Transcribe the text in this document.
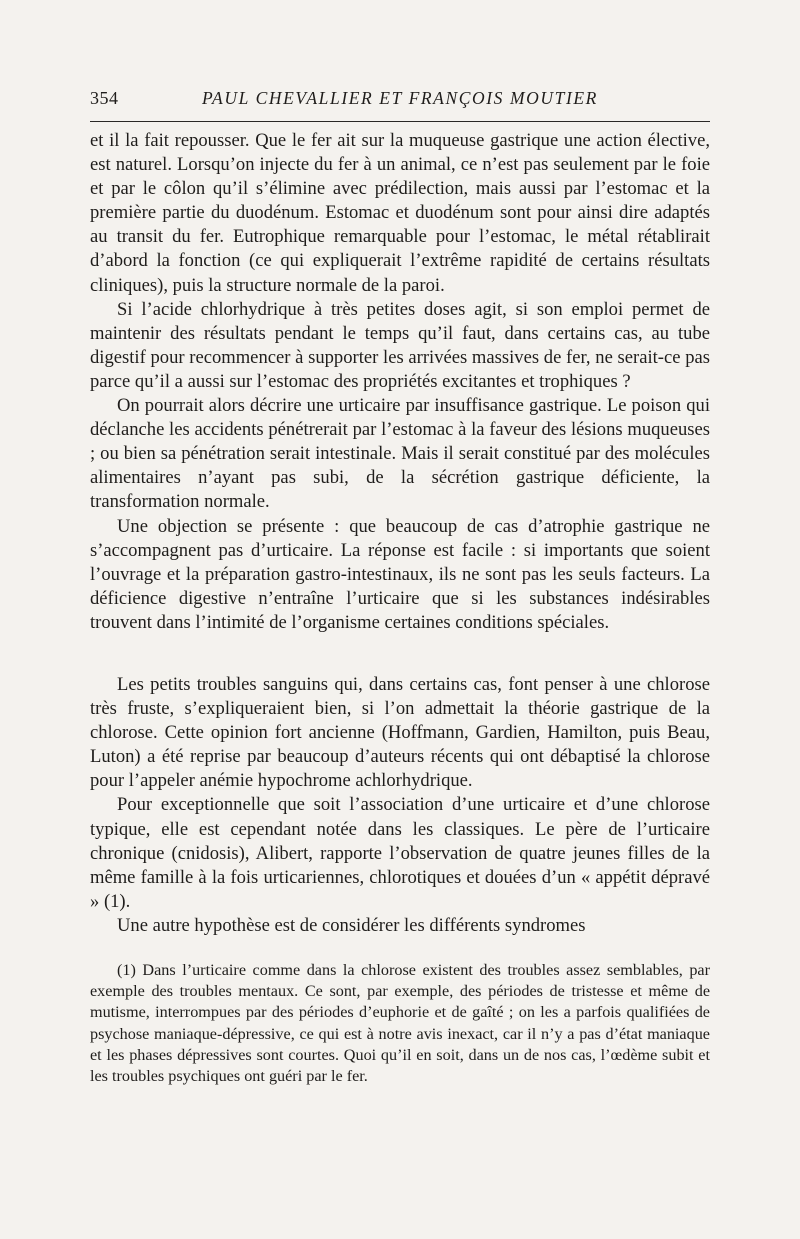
354	PAUL CHEVALLIER ET FRANÇOIS MOUTIER

et il la fait repousser. Que le fer ait sur la muqueuse gastrique une action élective, est naturel. Lorsqu’on injecte du fer à un animal, ce n’est pas seulement par le foie et par le côlon qu’il s’élimine avec prédilection, mais aussi par l’estomac et la première partie du duodénum. Estomac et duodénum sont pour ainsi dire adaptés au transit du fer. Eutrophique remarquable pour l’estomac, le métal rétablirait d’abord la fonction (ce qui expliquerait l’extrême rapidité de certains résultats cliniques), puis la structure normale de la paroi.

Si l’acide chlorhydrique à très petites doses agit, si son emploi permet de maintenir des résultats pendant le temps qu’il faut, dans certains cas, au tube digestif pour recommencer à supporter les arrivées massives de fer, ne serait-ce pas parce qu’il a aussi sur l’estomac des propriétés excitantes et trophiques ?

On pourrait alors décrire une urticaire par insuffisance gastrique. Le poison qui déclanche les accidents pénétrerait par l’estomac à la faveur des lésions muqueuses ; ou bien sa pénétration serait intestinale. Mais il serait constitué par des molécules alimentaires n’ayant pas subi, de la sécrétion gastrique déficiente, la transformation normale.

Une objection se présente : que beaucoup de cas d’atrophie gastrique ne s’accompagnent pas d’urticaire. La réponse est facile : si importants que soient l’ouvrage et la préparation gastro-intestinaux, ils ne sont pas les seuls facteurs. La déficience digestive n’entraîne l’urticaire que si les substances indésirables trouvent dans l’intimité de l’organisme certaines conditions spéciales.

Les petits troubles sanguins qui, dans certains cas, font penser à une chlorose très fruste, s’expliqueraient bien, si l’on admettait la théorie gastrique de la chlorose. Cette opinion fort ancienne (Hoffmann, Gardien, Hamilton, puis Beau, Luton) a été reprise par beaucoup d’auteurs récents qui ont débaptisé la chlorose pour l’appeler anémie hypochrome achlorhydrique.

Pour exceptionnelle que soit l’association d’une urticaire et d’une chlorose typique, elle est cependant notée dans les classiques. Le père de l’urticaire chronique (cnidosis), Alibert, rapporte l’observation de quatre jeunes filles de la même famille à la fois urticariennes, chlorotiques et douées d’un « appétit dépravé » (1).

Une autre hypothèse est de considérer les différents syndromes

(1) Dans l’urticaire comme dans la chlorose existent des troubles assez semblables, par exemple des troubles mentaux. Ce sont, par exemple, des périodes de tristesse et même de mutisme, interrompues par des périodes d’euphorie et de gaîté ; on les a parfois qualifiées de psychose maniaque-dépressive, ce qui est à notre avis inexact, car il n’y a pas d’état maniaque et les phases dépressives sont courtes. Quoi qu’il en soit, dans un de nos cas, l’œdème subit et les troubles psychiques ont guéri par le fer.
